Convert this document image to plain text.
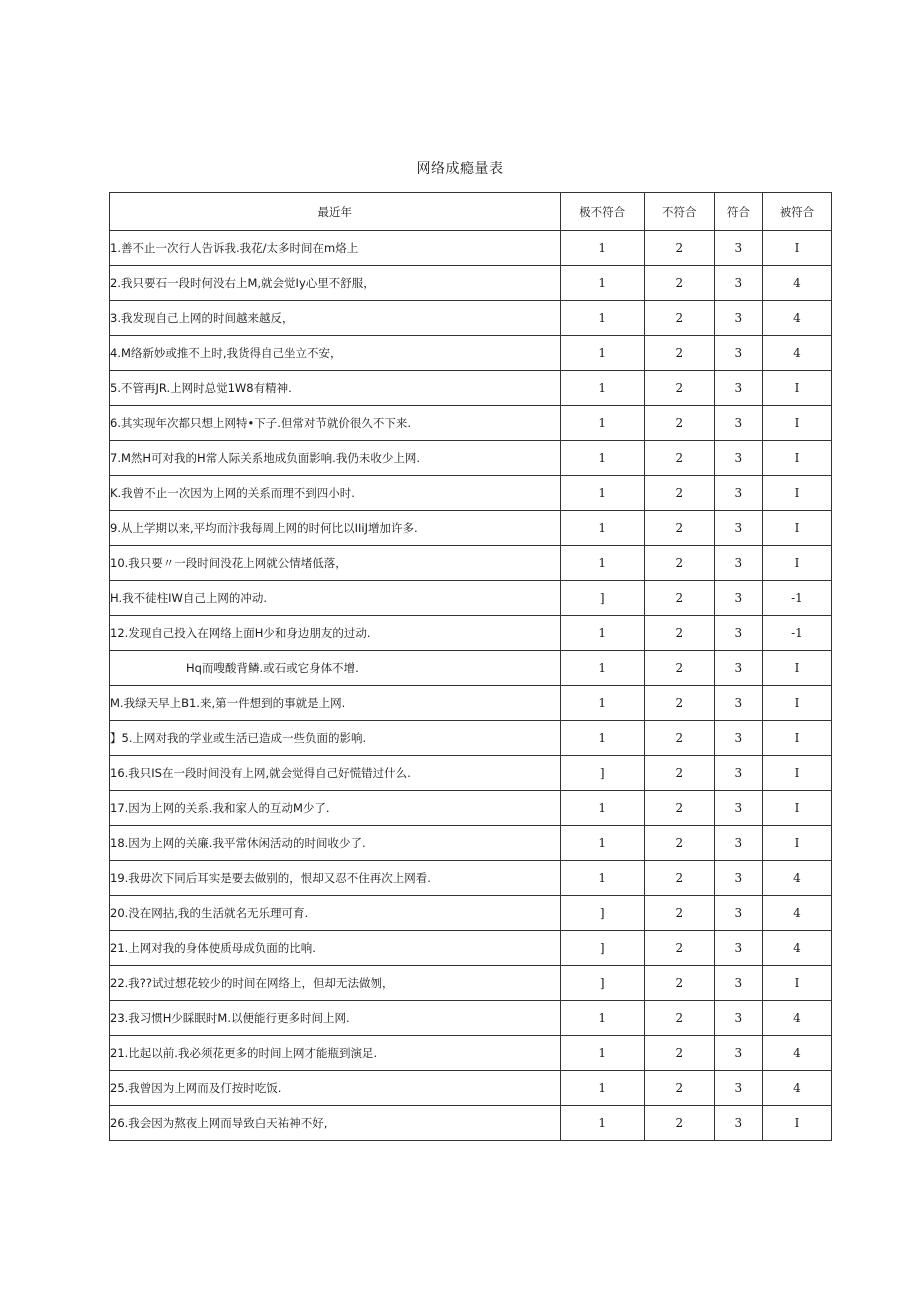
网络成瘾量表
最近年	极不符合	不符合	符合	被符合
1.善不止一次行人告诉我.我花/太多时间在m烙上	1	2	3	I
2.我只要石一段时何没右上M,就会觉Iy心里不舒服，	1	2	3	4
3.我发现自己上网的时间越来越反，	1	2	3	4
4.M络新妙或推不上时,我货得自己坐立不安，	1	2	3	4
5.不管再JR.上网时总觉1W8有精神.	1	2	3	I
6.其实现年次都只想上网特•下子.但常对节就价很久不下来.	1	2	3	I
7.M然H可对我的H常人际关系地成负面影响.我仍未收少上网.	1	2	3	I
K.我曾不止一次因为上网的关系而理不到四小时.	1	2	3	I
9.从上学期以来,平均而汴我每周上网的时何比以IIiJ增加许多.	1	2	3	I
10.我只要〃一段时间没花上网就公情堵低落，	1	2	3	I
H.我不徒柱IW自己上网的冲动.	]	2	3	-1
12.发现自己投入在网络上面H少和身边朋友的过动.	1	2	3	-1
Hq而嗖酸背鳞.或石或它身体不增.	1	2	3	I
M.我绿天早上B1.来,第一件想到的事就是上网.	1	2	3	I
】5.上网对我的学业或生活已造成一些负面的影响.	1	2	3	I
16.我只IS在一段时间没有上网,就会觉得自己好慌错过什么.	]	2	3	I
17.因为上网的关系.我和家人的互动M少了.	1	2	3	I
18.因为上网的关廉.我平常休闲活动的时间收少了.	1	2	3	I
19.我毋次下同后耳实是要去做别的，恨却又忍不住再次上网看.	1	2	3	4
20.没在网拈,我的生活就名无乐理可育.	]	2	3	4
21.上网对我的身体使质母成负面的比响.	]	2	3	4
22.我??试过想花较少的时间在网络上，但却无法做刎，	]	2	3	I
23.我习惯H少睬眠时M.以便能行更多时间上网.	1	2	3	4
21.比起以前.我必须花更多的时间上网才能瓶到演足.	1	2	3	4
25.我曾因为上网而及仃按时吃饭.	1	2	3	4
26.我会因为熬夜上网而导致白天祐神不好,	1	2	3	I
